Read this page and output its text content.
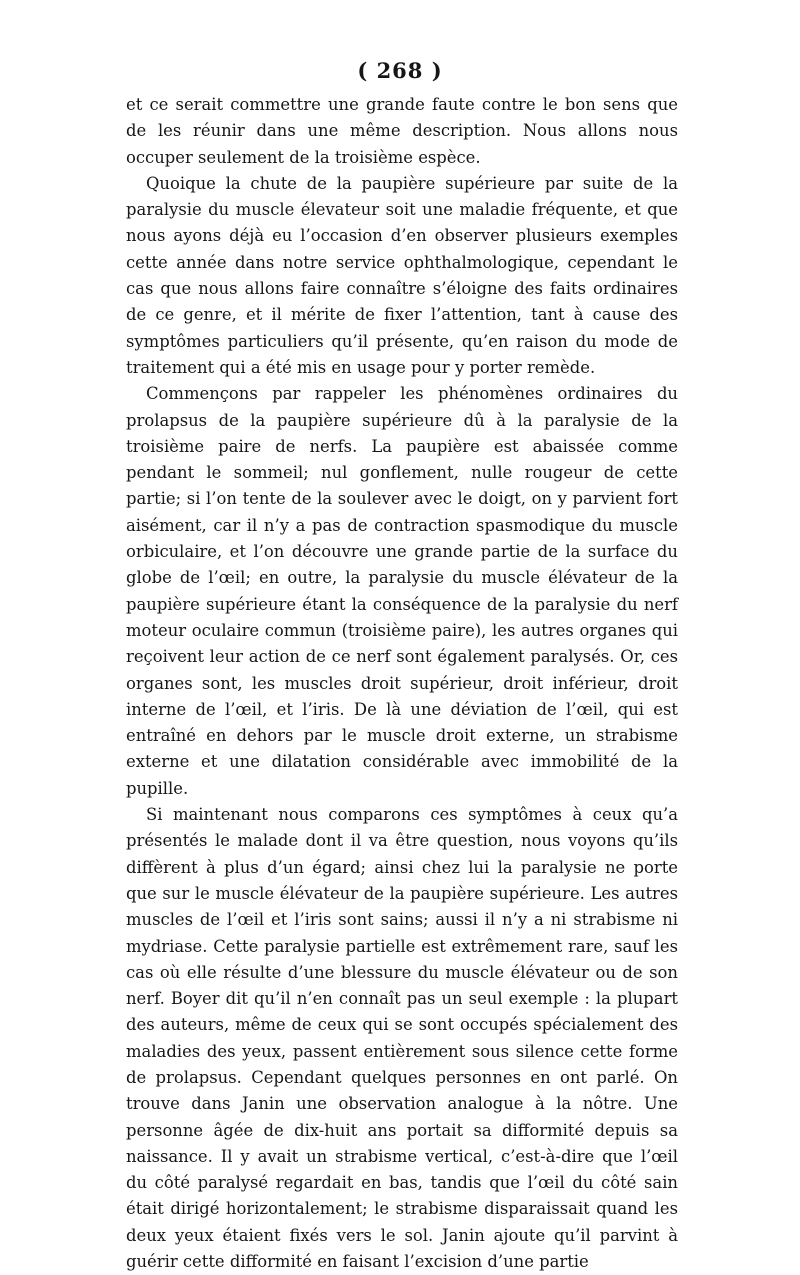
( 268 )

et ce serait commettre une grande faute contre le bon sens que de les réunir dans une même description. Nous allons nous occuper seulement de la troisième espèce.

Quoique la chute de la paupière supérieure par suite de la paralysie du muscle élevateur soit une maladie fréquente, et que nous ayons déjà eu l’occasion d’en observer plusieurs exemples cette année dans notre service ophthalmologique, cependant le cas que nous allons faire connaître s’éloigne des faits ordinaires de ce genre, et il mérite de fixer l’attention, tant à cause des symptômes particuliers qu’il présente, qu’en raison du mode de traitement qui a été mis en usage pour y porter remède.

Commençons par rappeler les phénomènes ordinaires du prolapsus de la paupière supérieure dû à la paralysie de la troisième paire de nerfs. La paupière est abaissée comme pendant le sommeil; nul gonflement, nulle rougeur de cette partie; si l’on tente de la soulever avec le doigt, on y parvient fort aisément, car il n’y a pas de contraction spasmodique du muscle orbiculaire, et l’on découvre une grande partie de la surface du globe de l’œil; en outre, la paralysie du muscle élévateur de la paupière supérieure étant la conséquence de la paralysie du nerf moteur oculaire commun (troisième paire), les autres organes qui reçoivent leur action de ce nerf sont également paralysés. Or, ces organes sont, les muscles droit supérieur, droit inférieur, droit interne de l’œil, et l’iris. De là une déviation de l’œil, qui est entraîné en dehors par le muscle droit externe, un strabisme externe et une dilatation considérable avec immobilité de la pupille.

Si maintenant nous comparons ces symptômes à ceux qu’a présentés le malade dont il va être question, nous voyons qu’ils diffèrent à plus d’un égard; ainsi chez lui la paralysie ne porte que sur le muscle élévateur de la paupière supérieure. Les autres muscles de l’œil et l’iris sont sains; aussi il n’y a ni strabisme ni mydriase. Cette paralysie partielle est extrêmement rare, sauf les cas où elle résulte d’une blessure du muscle élévateur ou de son nerf. Boyer dit qu’il n’en connaît pas un seul exemple : la plupart des auteurs, même de ceux qui se sont occupés spécialement des maladies des yeux, passent entièrement sous silence cette forme de prolapsus. Cependant quelques personnes en ont parlé. On trouve dans Janin une observation analogue à la nôtre. Une personne âgée de dix-huit ans portait sa difformité depuis sa naissance. Il y avait un strabisme vertical, c’est-à-dire que l’œil du côté paralysé regardait en bas, tandis que l’œil du côté sain était dirigé horizontalement; le strabisme disparaissait quand les deux yeux étaient fixés vers le sol. Janin ajoute qu’il parvint à guérir cette difformité en faisant l’excision d’une partie
